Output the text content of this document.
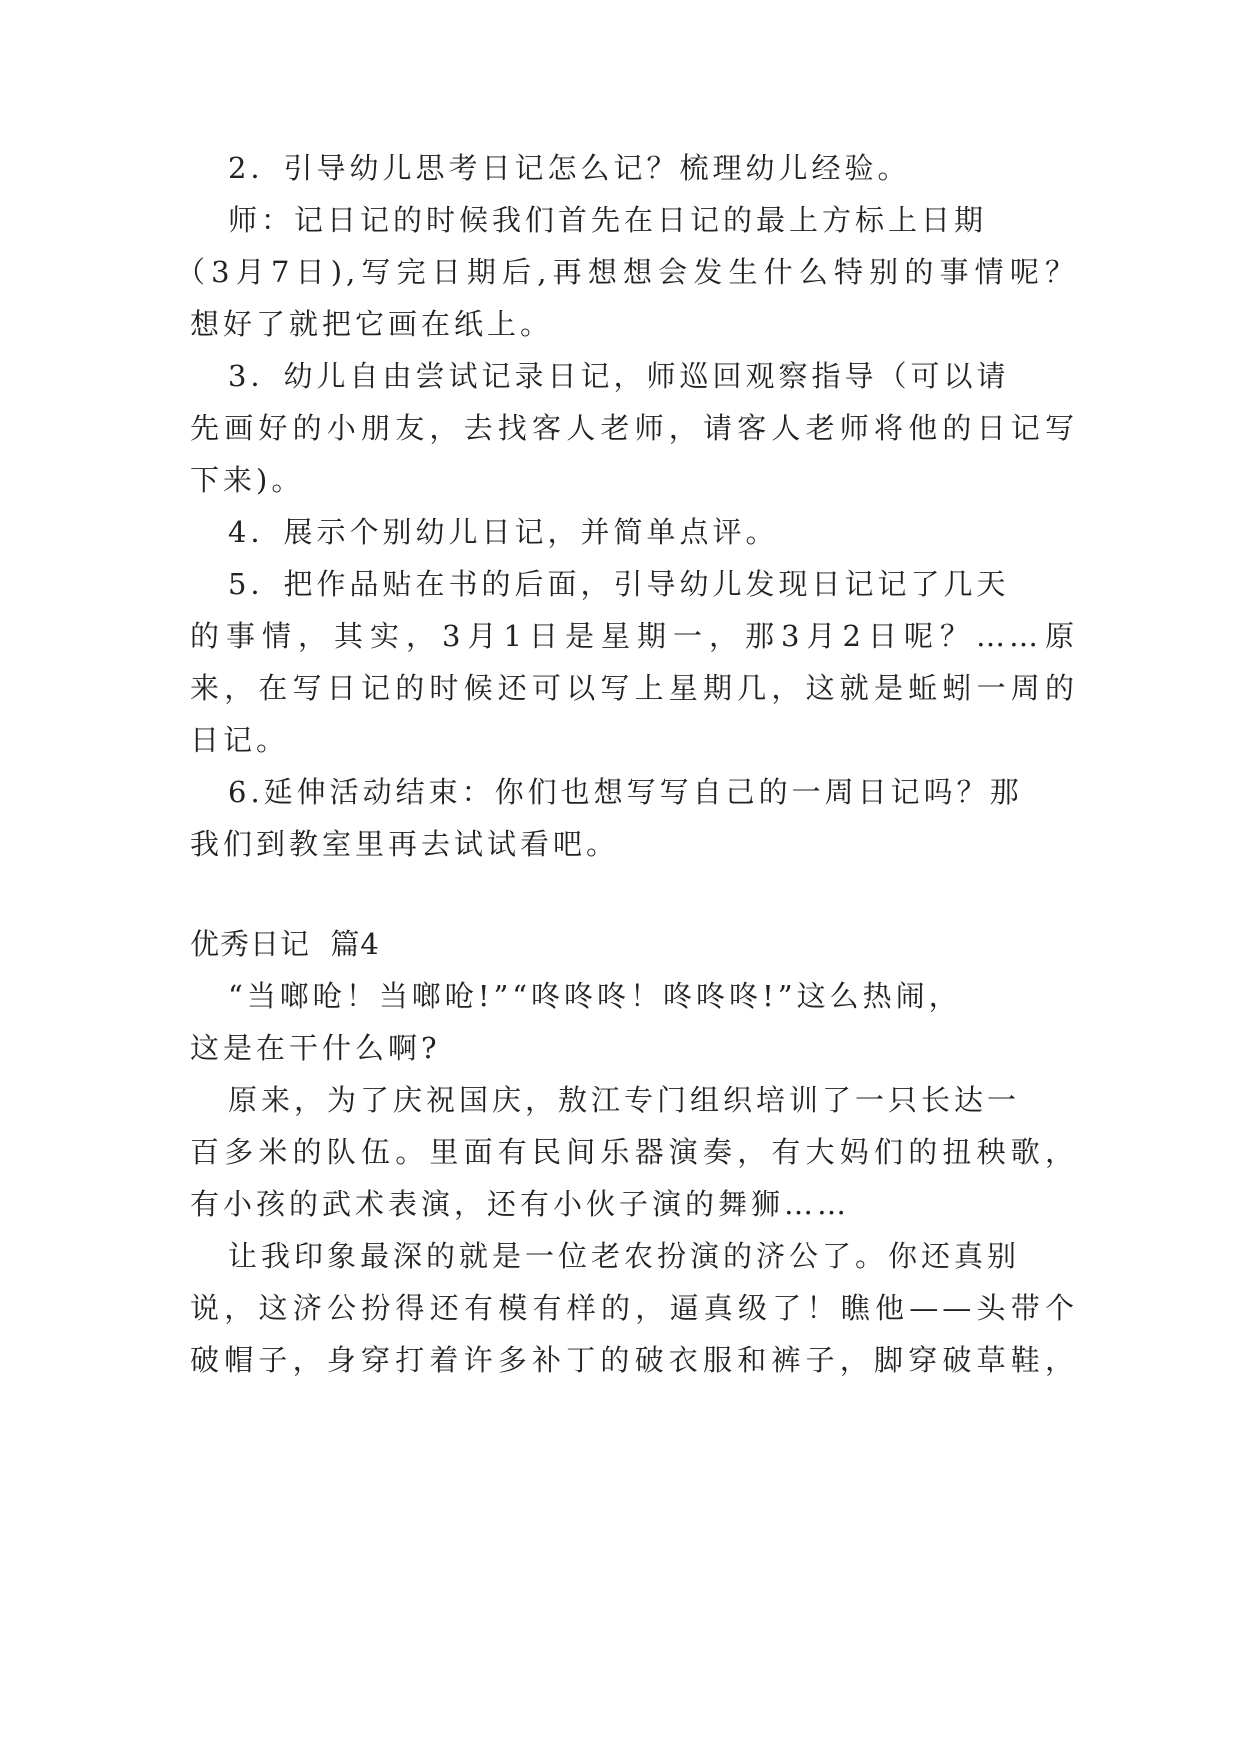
2．引导幼儿思考日记怎么记？梳理幼儿经验。
师：记日记的时候我们首先在日记的最上方标上日期
（3月7日),写完日期后,再想想会发生什么特别的事情呢？
想好了就把它画在纸上。
3．幼儿自由尝试记录日记，师巡回观察指导（可以请
先画好的小朋友，去找客人老师，请客人老师将他的日记写
下来)。
4．展示个别幼儿日记，并简单点评。
5．把作品贴在书的后面，引导幼儿发现日记记了几天
的事情，其实，3月1日是星期一，那3月2日呢？……原
来，在写日记的时候还可以写上星期几，这就是蚯蚓一周的
日记。
6.延伸活动结束：你们也想写写自己的一周日记吗？那
我们到教室里再去试试看吧。
优秀日记  篇4
“当啷呛！当啷呛!”“咚咚咚！咚咚咚!”这么热闹，
这是在干什么啊?
原来，为了庆祝国庆，敖江专门组织培训了一只长达一
百多米的队伍。里面有民间乐器演奏，有大妈们的扭秧歌，
有小孩的武术表演，还有小伙子演的舞狮……
让我印象最深的就是一位老农扮演的济公了。你还真别
说，这济公扮得还有模有样的，逼真级了！瞧他——头带个
破帽子，身穿打着许多补丁的破衣服和裤子，脚穿破草鞋，
